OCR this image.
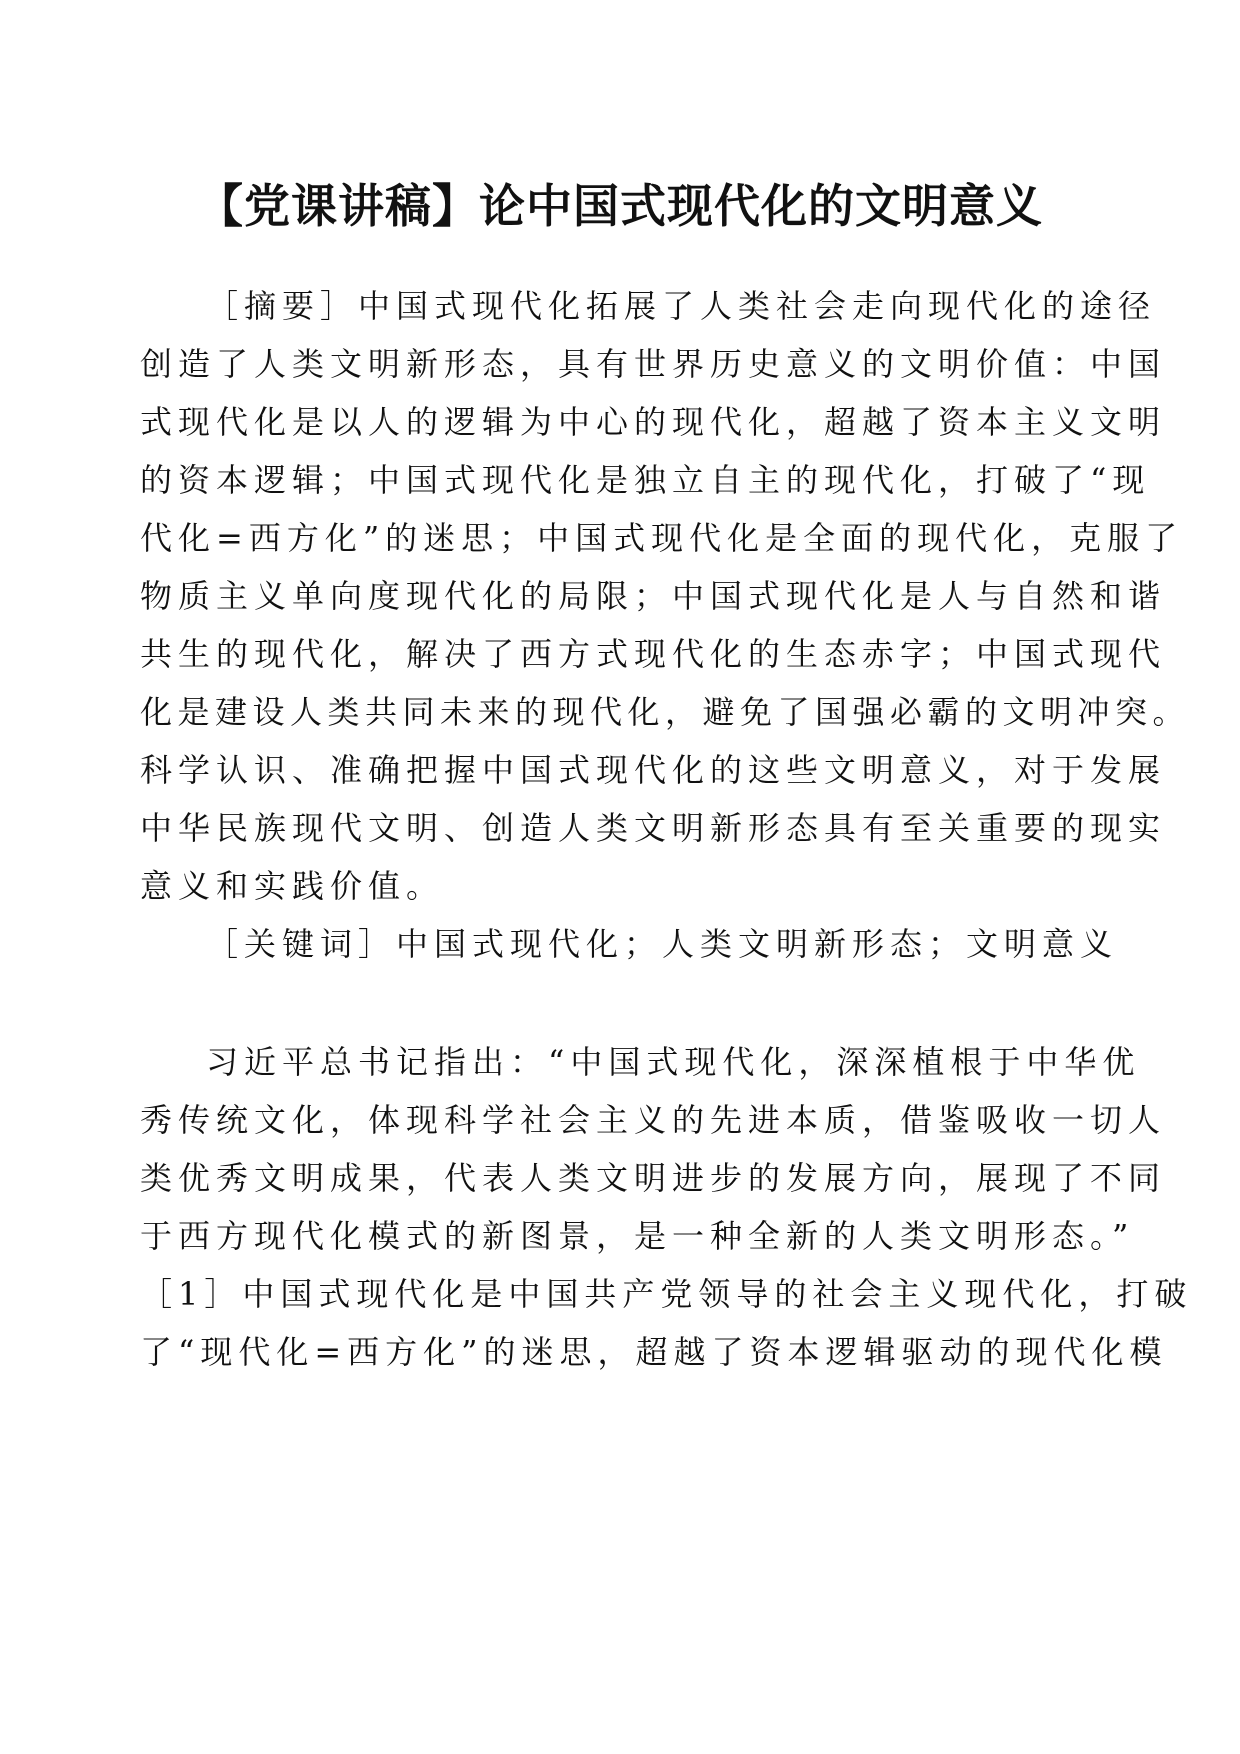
【党课讲稿】论中国式现代化的文明意义

［摘要］中国式现代化拓展了人类社会走向现代化的途径

创造了人类文明新形态，具有世界历史意义的文明价值：中国

式现代化是以人的逻辑为中心的现代化，超越了资本主义文明

的资本逻辑；中国式现代化是独立自主的现代化，打破了“现

代化=西方化”的迷思；中国式现代化是全面的现代化，克服了

物质主义单向度现代化的局限；中国式现代化是人与自然和谐

共生的现代化，解决了西方式现代化的生态赤字；中国式现代

化是建设人类共同未来的现代化，避免了国强必霸的文明冲突。

科学认识、准确把握中国式现代化的这些文明意义，对于发展

中华民族现代文明、创造人类文明新形态具有至关重要的现实

意义和实践价值。

［关键词］中国式现代化；人类文明新形态；文明意义

习近平总书记指出：“中国式现代化，深深植根于中华优

秀传统文化，体现科学社会主义的先进本质，借鉴吸收一切人

类优秀文明成果，代表人类文明进步的发展方向，展现了不同

于西方现代化模式的新图景，是一种全新的人类文明形态。”

［1］中国式现代化是中国共产党领导的社会主义现代化，打破

了“现代化=西方化”的迷思，超越了资本逻辑驱动的现代化模
